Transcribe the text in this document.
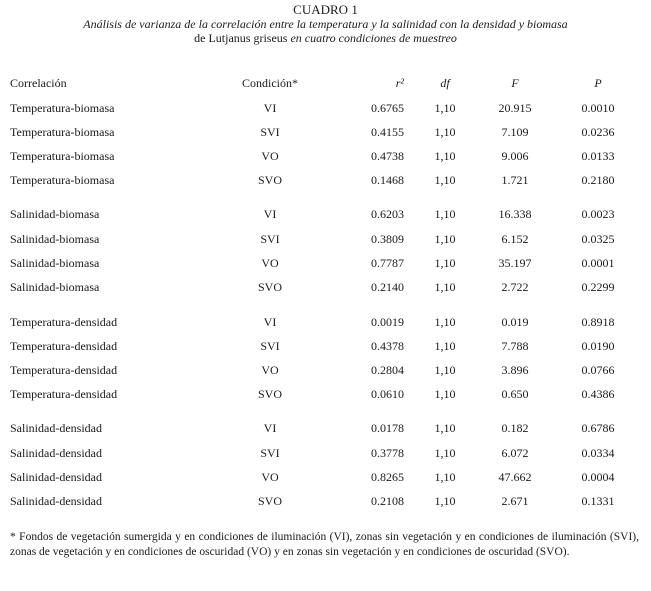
CUADRO 1
Análisis de varianza de la correlación entre la temperatura y la salinidad con la densidad y biomasa
de Lutjanus griseus en cuatro condiciones de muestreo
Correlación	Condición*	r²	df	F	P
Temperatura-biomasa	VI	0.6765	1,10	20.915	0.0010
Temperatura-biomasa	SVI	0.4155	1,10	7.109	0.0236
Temperatura-biomasa	VO	0.4738	1,10	9.006	0.0133
Temperatura-biomasa	SVO	0.1468	1,10	1.721	0.2180
Salinidad-biomasa	VI	0.6203	1,10	16.338	0.0023
Salinidad-biomasa	SVI	0.3809	1,10	6.152	0.0325
Salinidad-biomasa	VO	0.7787	1,10	35.197	0.0001
Salinidad-biomasa	SVO	0.2140	1,10	2.722	0.2299
Temperatura-densidad	VI	0.0019	1,10	0.019	0.8918
Temperatura-densidad	SVI	0.4378	1,10	7.788	0.0190
Temperatura-densidad	VO	0.2804	1,10	3.896	0.0766
Temperatura-densidad	SVO	0.0610	1,10	0.650	0.4386
Salinidad-densidad	VI	0.0178	1,10	0.182	0.6786
Salinidad-densidad	SVI	0.3778	1,10	6.072	0.0334
Salinidad-densidad	VO	0.8265	1,10	47.662	0.0004
Salinidad-densidad	SVO	0.2108	1,10	2.671	0.1331
* Fondos de vegetación sumergida y en condiciones de iluminación (VI), zonas sin vegetación y en condiciones de iluminación (SVI), zonas de vegetación y en condiciones de oscuridad (VO) y en zonas sin vegetación y en condiciones de oscuridad (SVO).
